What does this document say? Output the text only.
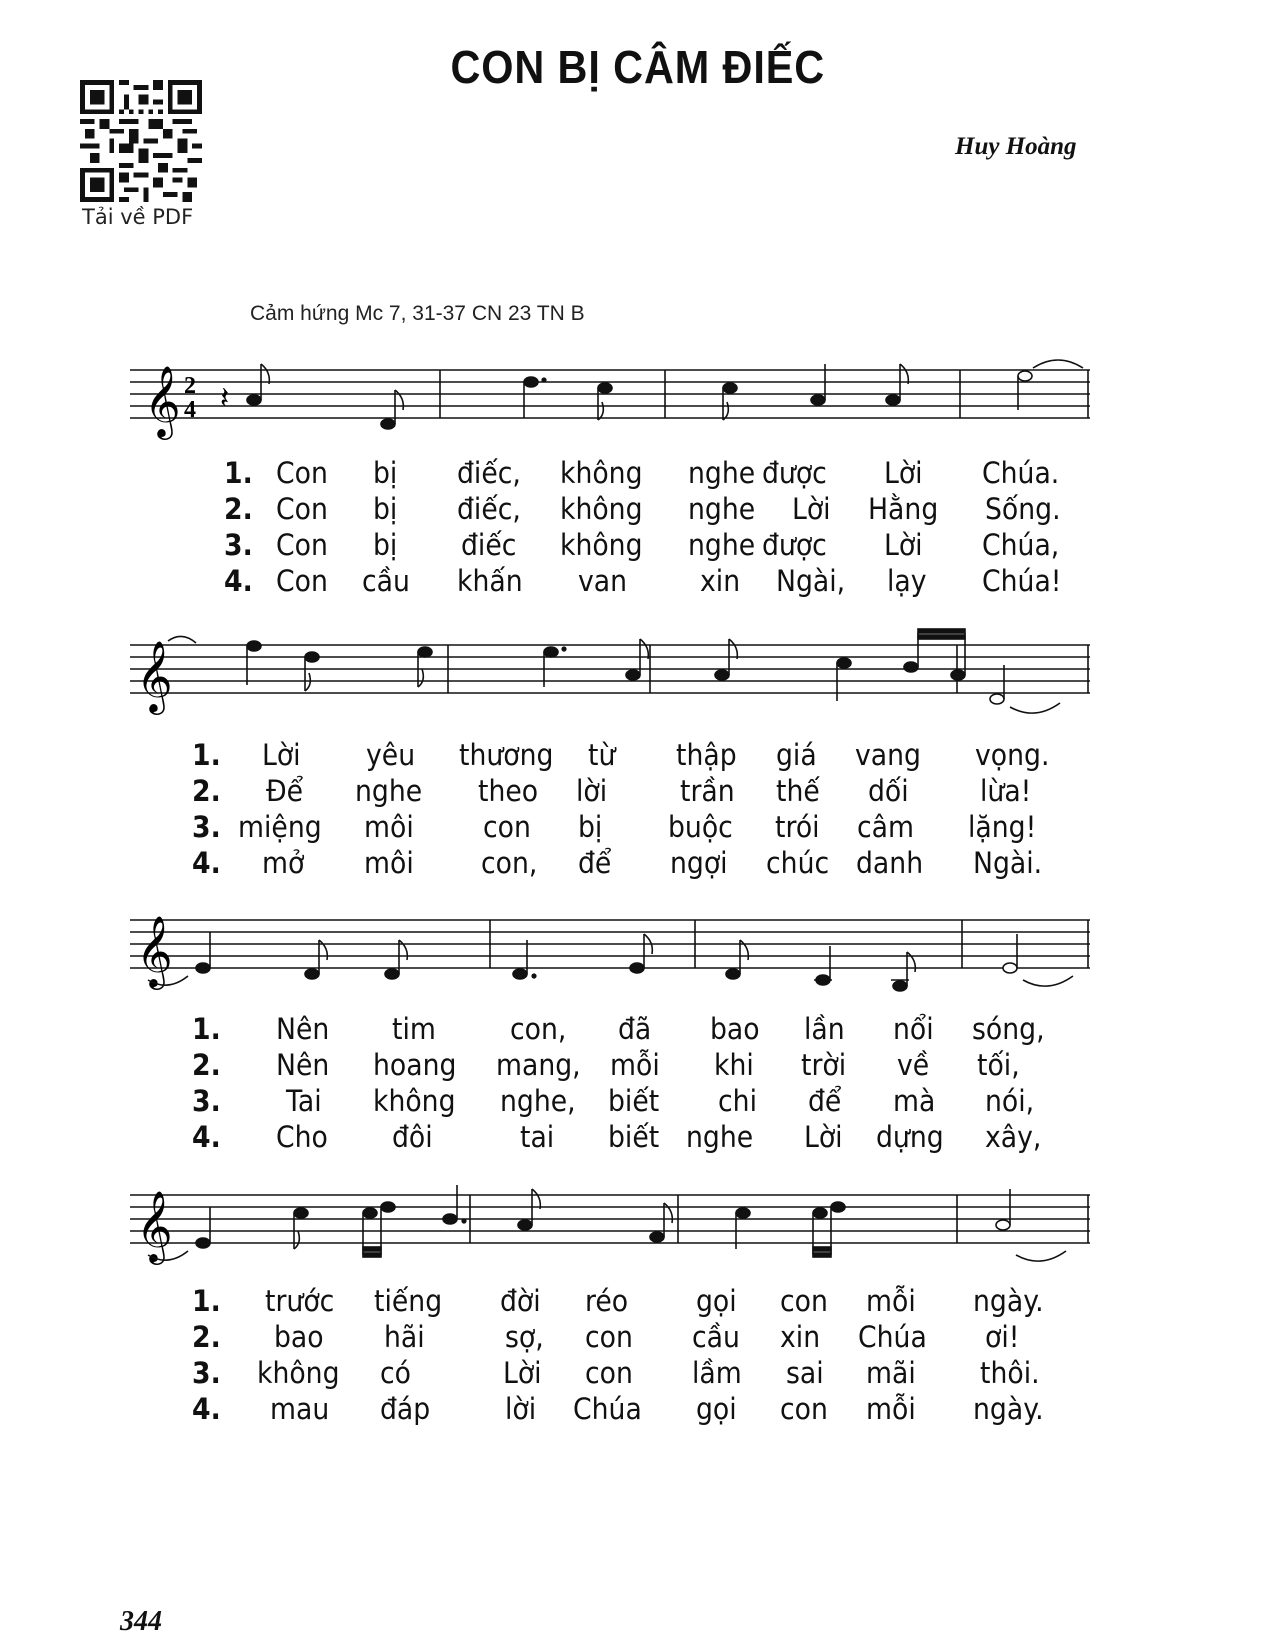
Tải về PDF
CON BỊ CÂM ĐIẾC
Huy Hoàng
Cảm hứng Mc 7, 31-37 CN 23 TN B
𝄞 2
4 𝄽
1. Con bị điếc, không nghe được Lời Chúa.
2. Con bị điếc, không nghe Lời Hằng Sống.
3. Con bị điếc không nghe được Lời Chúa,
4. Con cầu khấn van	xin Ngài, lạy Chúa!
𝄞
1. Lời yêu thương từ thập giá vang vọng.
2. Để nghe theo lời	trần thế dối lừa!
3. miệng môi con bị buộc trói câm lặng!
4. mở môi con, để ngợi chúc danh Ngài.
𝄞
1. Nên tim	con, đã bao lần nổi sóng,
2. Nên hoang mang, mỗi khi trời về tối,
3. Tai không nghe, biết chi để mà nói,
4. Cho đôi	tai biết nghe Lời dựng xây,
𝄞
1. trước tiếng đời réo gọi con mỗi ngày.
2. bao hãi	sợ, con cầu xin Chúa ơi!
3. không có	Lời con lầm sai mãi thôi.
4. mau đáp	lời Chúa gọi con mỗi ngày.
344
